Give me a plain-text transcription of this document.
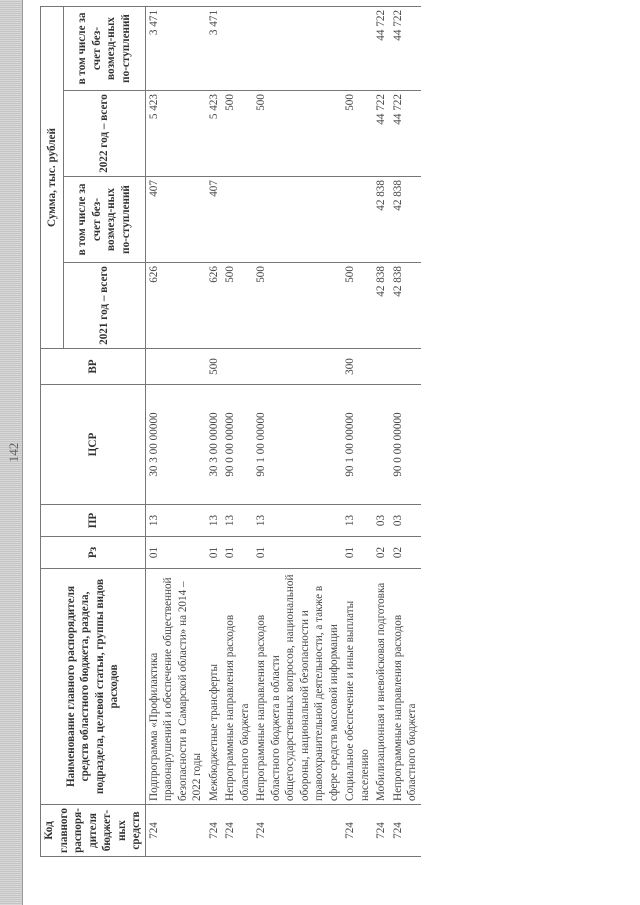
142
Код главного распоря-дителя бюджет-ных средств	Наименование главного распорядителя средств областного бюджета, раздела, подраздела, целевой статьи, группы видов расходов	Рз	ПР	ЦСР	ВР	Сумма, тыс. рублей			
						2021 год – всего	в том числе за счет без-возмезд-ных по-ступлений	2022 год – всего	в том числе за счет без-возмезд-ных по-ступлений
724	Подпрограмма «Профилактика правонарушений и обеспечение общественной безопасности в Самарской области» на 2014 – 2022 годы	01	13	30 3 00 00000		626	407	5 423	3 471
724	Межбюджетные трансферты	01	13	30 3 00 00000	500	626	407	5 423	3 471
724	Непрограммные направления расходов областного бюджета	01	13	90 0 00 00000		500		500	
724	Непрограммные направления расходов областного бюджета в области общегосударственных вопросов, национальной обороны, национальной безопасности и правоохранительной деятельности, а также в сфере средств массовой информации	01	13	90 1 00 00000		500		500	
724	Социальное обеспечение и иные выплаты населению	01	13	90 1 00 00000	300	500		500	
724	Мобилизационная и вневойсковая подготовка	02	03			42 838	42 838	44 722	44 722
724	Непрограммные направления расходов областного бюджета	02	03	90 0 00 00000		42 838	42 838	44 722	44 722
